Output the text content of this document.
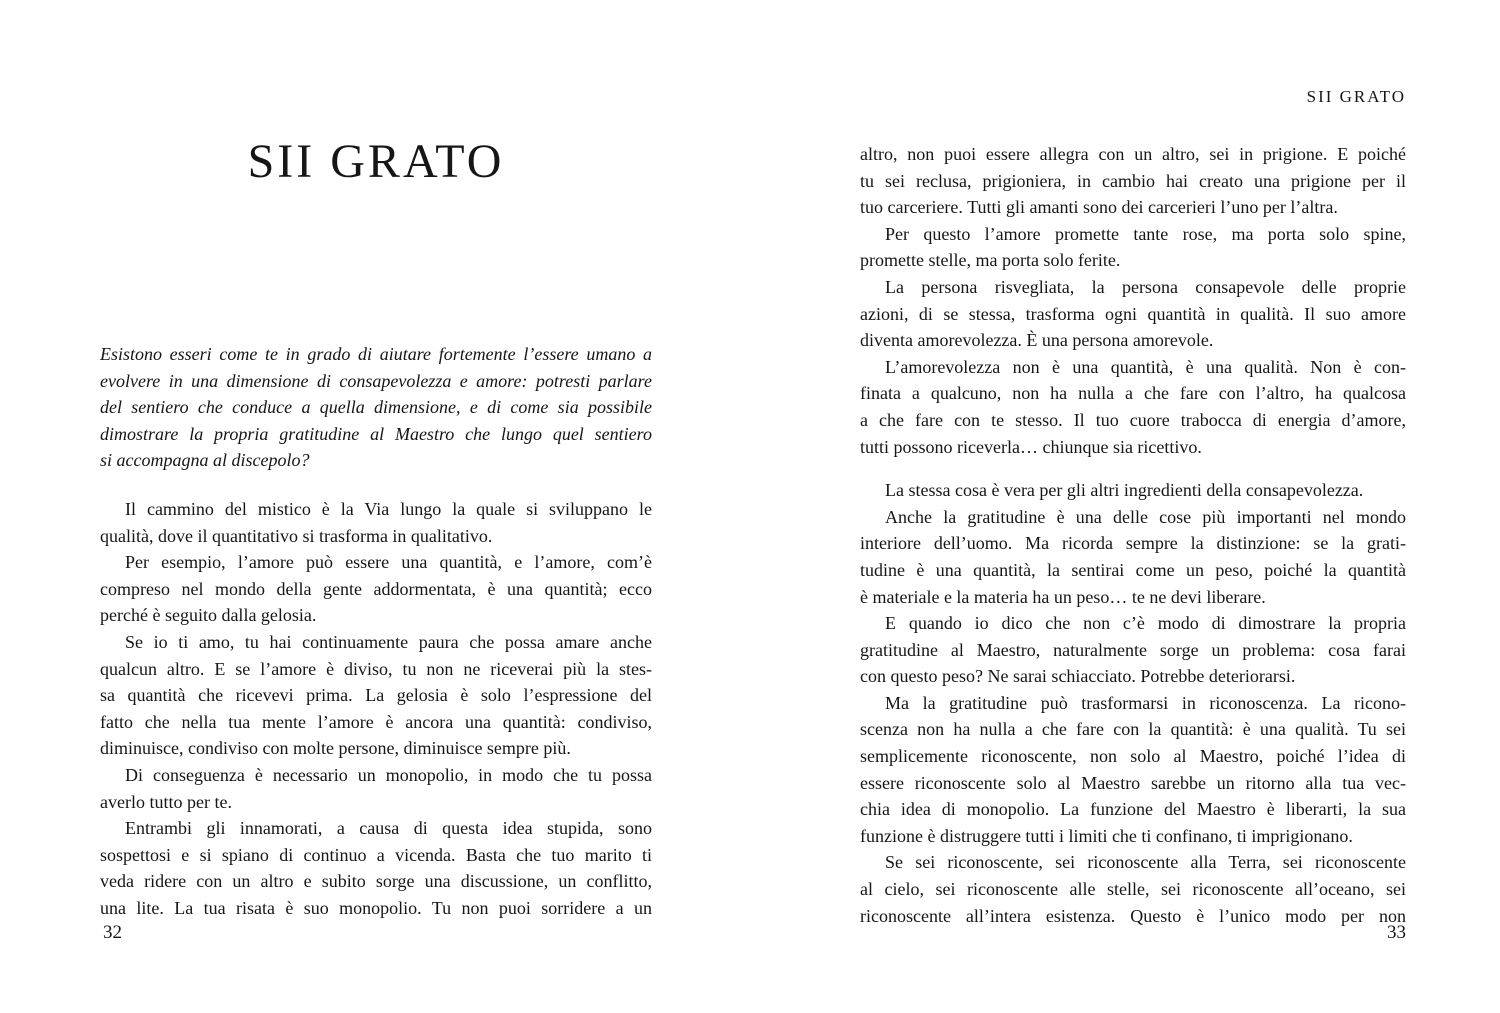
SII GRATO
Esistono esseri come te in grado di aiutare fortemente l’essere umano a
evolvere in una dimensione di consapevolezza e amore: potresti parlare
del sentiero che conduce a quella dimensione, e di come sia possibile
dimostrare la propria gratitudine al Maestro che lungo quel sentiero
si accompagna al discepolo?
Il cammino del mistico è la Via lungo la quale si sviluppano le
qualità, dove il quantitativo si trasforma in qualitativo.
Per esempio, l’amore può essere una quantità, e l’amore, com’è
compreso nel mondo della gente addormentata, è una quantità; ecco
perché è seguito dalla gelosia.
Se io ti amo, tu hai continuamente paura che possa amare anche
qualcun altro. E se l’amore è diviso, tu non ne riceverai più la stes-
sa quantità che ricevevi prima. La gelosia è solo l’espressione del
fatto che nella tua mente l’amore è ancora una quantità: condiviso,
diminuisce, condiviso con molte persone, diminuisce sempre più.
Di conseguenza è necessario un monopolio, in modo che tu possa
averlo tutto per te.
Entrambi gli innamorati, a causa di questa idea stupida, sono
sospettosi e si spiano di continuo a vicenda. Basta che tuo marito ti
veda ridere con un altro e subito sorge una discussione, un conflitto,
una lite. La tua risata è suo monopolio. Tu non puoi sorridere a un
32
SII GRATO
altro, non puoi essere allegra con un altro, sei in prigione. E poiché
tu sei reclusa, prigioniera, in cambio hai creato una prigione per il
tuo carceriere. Tutti gli amanti sono dei carcerieri l’uno per l’altra.
Per questo l’amore promette tante rose, ma porta solo spine,
promette stelle, ma porta solo ferite.
La persona risvegliata, la persona consapevole delle proprie
azioni, di se stessa, trasforma ogni quantità in qualità. Il suo amore
diventa amorevolezza. È una persona amorevole.
L’amorevolezza non è una quantità, è una qualità. Non è con-
finata a qualcuno, non ha nulla a che fare con l’altro, ha qualcosa
a che fare con te stesso. Il tuo cuore trabocca di energia d’amore,
tutti possono riceverla… chiunque sia ricettivo.
La stessa cosa è vera per gli altri ingredienti della consapevolezza.
Anche la gratitudine è una delle cose più importanti nel mondo
interiore dell’uomo. Ma ricorda sempre la distinzione: se la grati-
tudine è una quantità, la sentirai come un peso, poiché la quantità
è materiale e la materia ha un peso… te ne devi liberare.
E quando io dico che non c’è modo di dimostrare la propria
gratitudine al Maestro, naturalmente sorge un problema: cosa farai
con questo peso? Ne sarai schiacciato. Potrebbe deteriorarsi.
Ma la gratitudine può trasformarsi in riconoscenza. La ricono-
scenza non ha nulla a che fare con la quantità: è una qualità. Tu sei
semplicemente riconoscente, non solo al Maestro, poiché l’idea di
essere riconoscente solo al Maestro sarebbe un ritorno alla tua vec-
chia idea di monopolio. La funzione del Maestro è liberarti, la sua
funzione è distruggere tutti i limiti che ti confinano, ti imprigionano.
Se sei riconoscente, sei riconoscente alla Terra, sei riconoscente
al cielo, sei riconoscente alle stelle, sei riconoscente all’oceano, sei
riconoscente all’intera esistenza. Questo è l’unico modo per non
33
